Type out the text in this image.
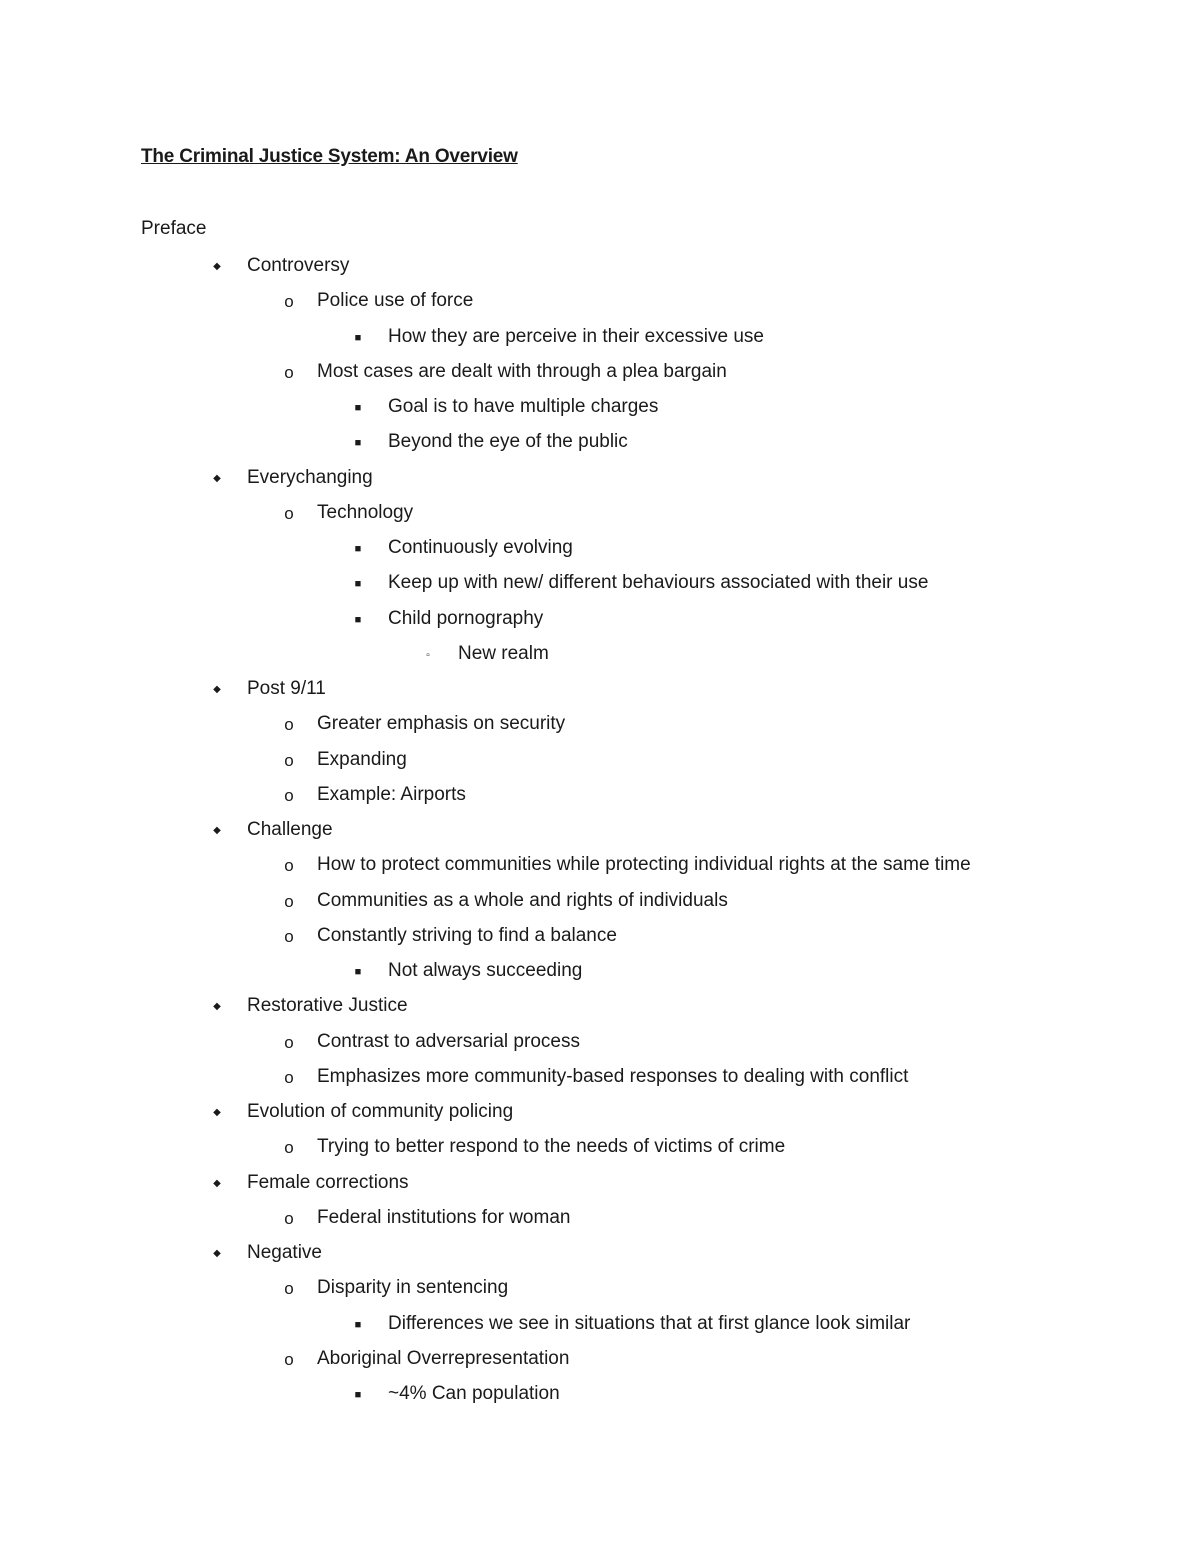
The Criminal Justice System: An Overview

Preface

◆ Controversy
o Police use of force
■ How they are perceive in their excessive use
o Most cases are dealt with through a plea bargain
■ Goal is to have multiple charges
■ Beyond the eye of the public
◆ Everychanging
o Technology
■ Continuously evolving
■ Keep up with new/ different behaviours associated with their use
■ Child pornography
▫	New realm
◆ Post 9/11
o Greater emphasis on security
o Expanding
o Example: Airports
◆ Challenge
o How to protect communities while protecting individual rights at the same time
o Communities as a whole and rights of individuals
o Constantly striving to find a balance
■ Not always succeeding
◆ Restorative Justice
o Contrast to adversarial process
o Emphasizes more community-based responses to dealing with conflict
◆ Evolution of community policing
o Trying to better respond to the needs of victims of crime
◆ Female corrections
o Federal institutions for woman
◆ Negative
o Disparity in sentencing
■ Differences we see in situations that at first glance look similar
o Aboriginal Overrepresentation
■ ~4% Can population
